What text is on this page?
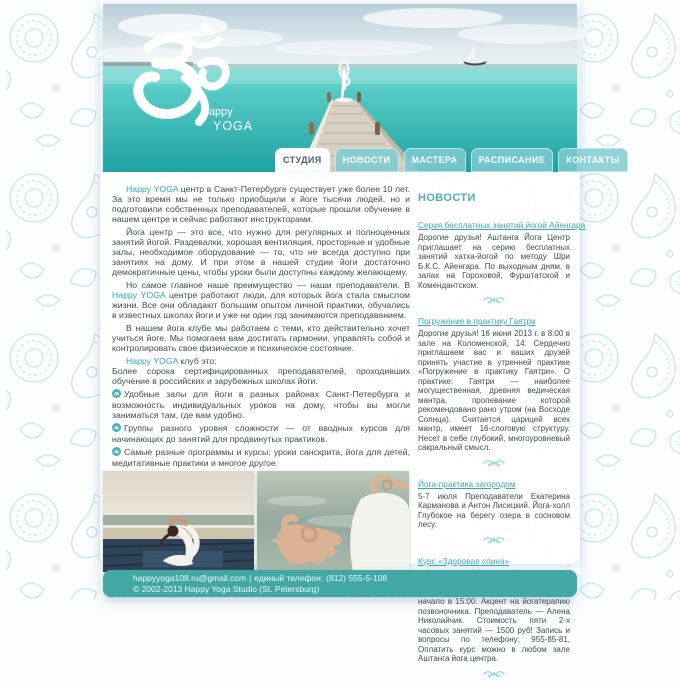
Happy
YOGA
СТУДИЯ	НОВОСТИ	МАСТЕРА	РАСПИСАНИЕ	КОНТАКТЫ

Happy YOGA центр в Санкт-Петербурге существует уже более 10 лет. За это время мы не только приобщили к йоге тысячи людей, но и подготовили собственных преподавателей, которые прошли обучение в нашем центре и сейчас работают инструкторами.

Йога центр — это все, что нужно для регулярных и полноценных занятий йогой. Раздевалки, хорошая вентиляция, просторные и удобные залы, необходимое оборудование — то, что не всегда доступно при занятиях на дому. И при этом в нашей студии йоги достаточно демократичные цены, чтобы уроки были доступны каждому желающему.

Но самое главное наше преимущество — наши преподаватели. В Happy YOGA центре работают люди, для которых йога стала смыслом жизни. Все они обладают большим опытом личной практики, обучались в известных школах йоги и уже ни один год занимаются преподаванием.

В нашем йога клубе мы работаем с теми, кто действительно хочет учиться йоге. Мы помогаем вам достигать гармонии, управлять собой и контролировать свое физическое и психическое состояние.

Happy YOGA клуб это:

Более сорока сертифицированных преподавателей, проходивших обучение в российских и зарубежных школах йоги.

Удобные залы для йоги в разных районах Санкт-Петербурга и возможность индивидуальных уроков на дому, чтобы вы могли заниматься там, где вам удобно.

Группы разного уровня сложности — от вводных курсов для начинающих до занятий для продвинутых практиков.

Самые разные программы и курсы: уроки санскрита, йога для детей, медитативные практики и многое другое.

НОВОСТИ
Серия бесплатных занятий йогой Айенгара
Дорогие друзья! Аштанга Йога Центр приглашает на серию бесплатных занятий хатха-йогой по методу Шри Б.К.С. Айенгара. По выходным дням, в залах на Гороховой, Фурштатской и Комендантском.
Погружение в практику Гаятри
Дорогие друзья! 16 июня 2013 г. в 8:00 в зале на Коломенской, 14. Сердечно приглашаем вас и ваших друзей принять участие в утренней практике «Погружение в практику Гаятри». О практике: Гаятри — наиболее могущественная, древняя ведическая мантра, пропевание которой рекомендовано рано утром (на Восходе Солнца). Считается царицей всех мантр, имеет 16-слоговую структуру. Несет в себе глубокий, многоуровневый сакральный смысл.
Йога-практика загородом
5-7 июля Преподаватели Екатерина Карманова и Антон Лисицкий. Йога-холл Глубокое на берегу озера в сосновом лесу.
Курс «Здоровая спина»
начало в 15:00. Акцент на йогатерапию позвоночника. Преподаватель — Алена Николайчик. Стоимость пяти 2-х часовых занятий — 1500 руб! Запись и вопросы по телефону: 955-85-81, Оплатить курс можно в любом зале Аштанга йога центра.
happyyoga108.ru@gmail.com | единый телефон: (812) 555-5-108
© 2002-2013 Happy Yoga Studio (St. Petersburg)
